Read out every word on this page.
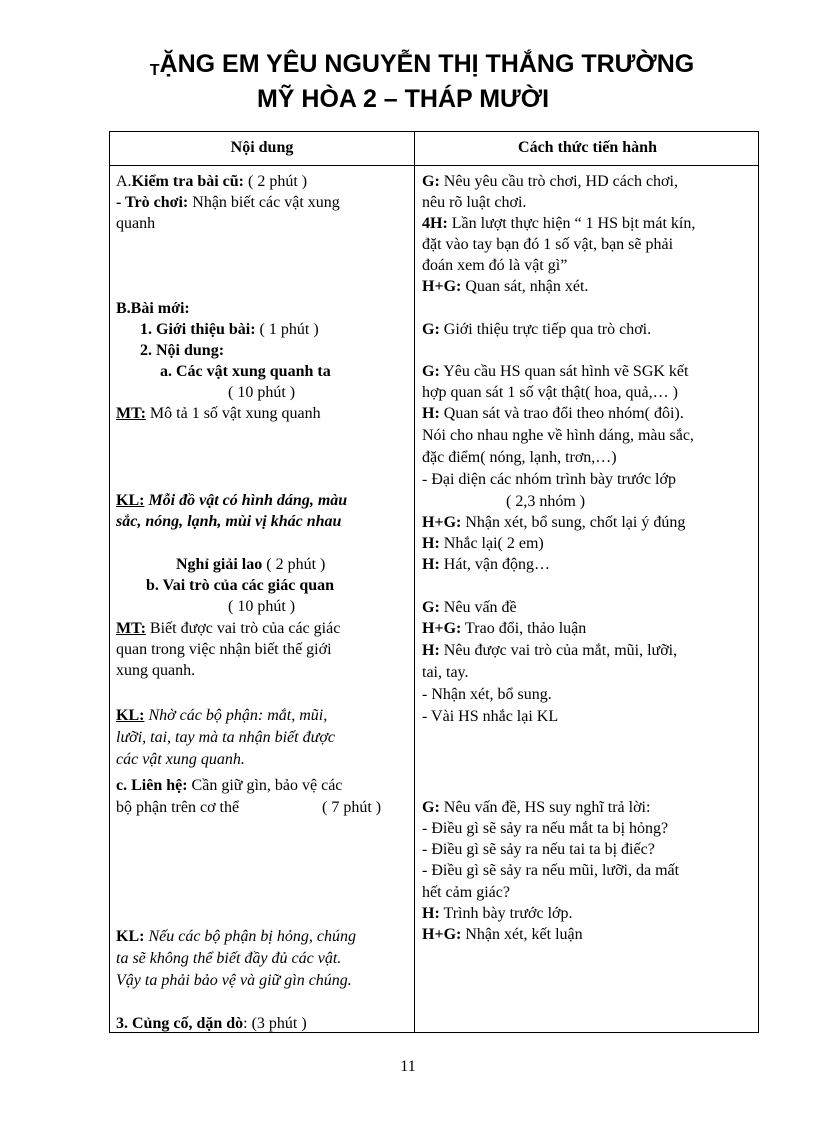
TẶNG EM YÊU NGUYỄN THỊ THẮNG TRƯỜNG
MỸ HÒA 2 – THÁP MƯỜI
Nội dung	Cách thức tiến hành
A.Kiểm tra bài cũ: ( 2 phút )
- Trò chơi: Nhận biết các vật xung
quanh
B.Bài mới:
1. Giới thiệu bài: ( 1 phút )
2. Nội dung:
a. Các vật xung quanh ta
( 10 phút )
MT: Mô tả 1 số vật xung quanh
KL: Mỗi đồ vật có hình dáng, màu
sắc, nóng, lạnh, mùi vị khác nhau
Nghỉ giải lao ( 2 phút )
b. Vai trò của các giác quan
( 10 phút )
MT: Biết được vai trò của các giác
quan trong việc nhận biết thế giới
xung quanh.
KL: Nhờ các bộ phận: mắt, mũi,
lưỡi, tai, tay mà ta nhận biết được
các vật xung quanh.
c. Liên hệ: Cần giữ gìn, bảo vệ các
bộ phận trên cơ thể	( 7 phút )
KL: Nếu các bộ phận bị hỏng, chúng
ta sẽ không thể biết đầy đủ các vật.
Vậy ta phải bảo vệ và giữ gìn chúng.
3. Củng cố, dặn dò: (3 phút )
G: Nêu yêu cầu trò chơi, HD cách chơi,
nêu rõ luật chơi.
4H: Lần lượt thực hiện “ 1 HS bịt mát kín,
đặt vào tay bạn đó 1 số vật, bạn sẽ phải
đoán xem đó là vật gì”
H+G: Quan sát, nhận xét.
G: Giới thiệu trực tiếp qua trò chơi.
G: Yêu cầu HS quan sát hình vẽ SGK kết
hợp quan sát 1 số vật thật( hoa, quả,… )
H: Quan sát và trao đổi theo nhóm( đôi).
Nói cho nhau nghe về hình dáng, màu sắc,
đặc điểm( nóng, lạnh, trơn,…)
- Đại diện các nhóm trình bày trước lớp
( 2,3 nhóm )
H+G: Nhận xét, bổ sung, chốt lại ý đúng
H: Nhắc lại( 2 em)
H: Hát, vận động…
G: Nêu vấn đề
H+G: Trao đổi, thảo luận
H: Nêu được vai trò của mắt, mũi, lưỡi,
tai, tay.
- Nhận xét, bổ sung.
- Vài HS nhắc lại KL
G: Nêu vấn đề, HS suy nghĩ trả lời:
- Điều gì sẽ sảy ra nếu mắt ta bị hỏng?
- Điều gì sẽ sảy ra nếu tai ta bị điếc?
- Điều gì sẽ sảy ra nếu mũi, lưỡi, da mất
hết cảm giác?
H: Trình bày trước lớp.
H+G: Nhận xét, kết luận
11
